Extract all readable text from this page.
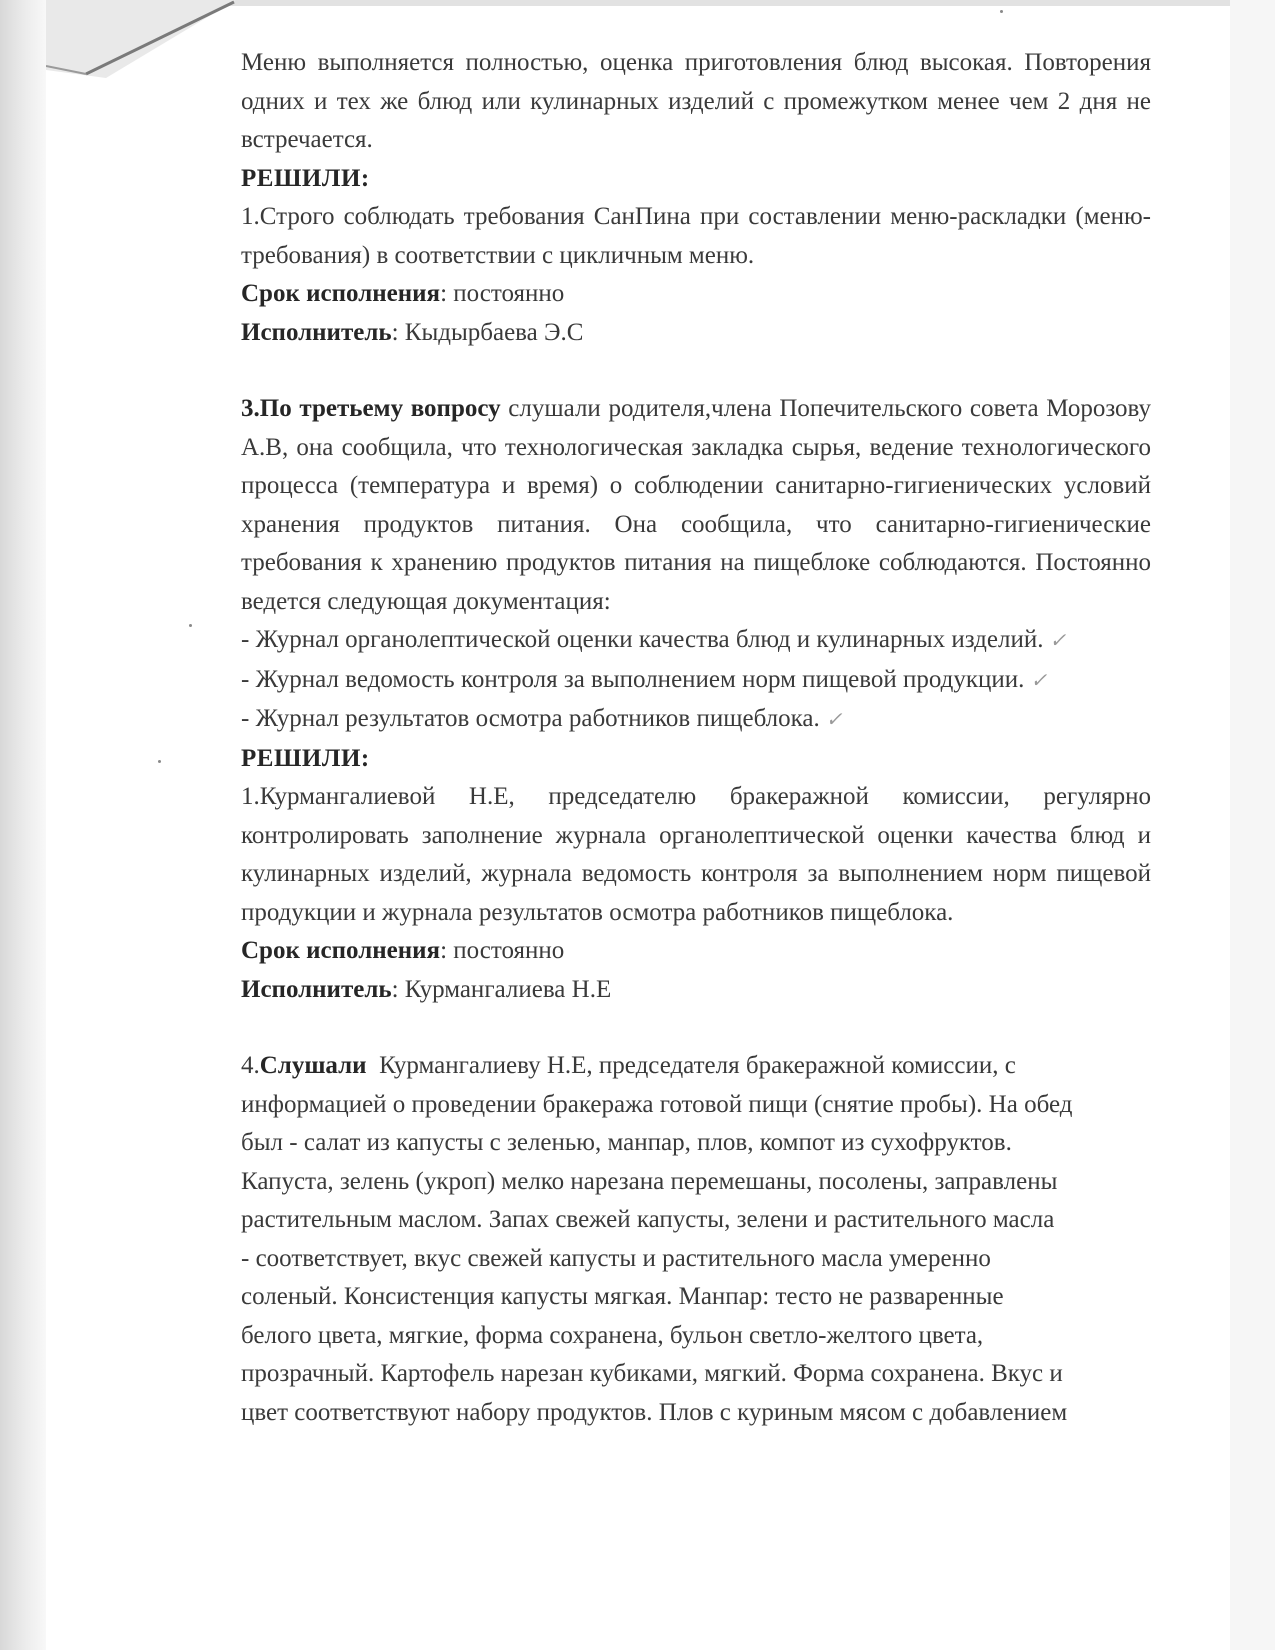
Меню выполняется полностью, оценка приготовления блюд высокая. Повторения одних и тех же блюд или кулинарных изделий с промежутком менее чем 2 дня не встречается.

РЕШИЛИ:

1.Строго соблюдать требования СанПина при составлении меню-раскладки (меню-требования) в соответствии с цикличным меню.

Срок исполнения: постоянно

Исполнитель: Кыдырбаева Э.С

3.По третьему вопросу слушали родителя,члена Попечительского совета Морозову А.В, она сообщила, что технологическая закладка сырья, ведение технологического процесса (температура и время) о соблюдении санитарно-гигиенических условий хранения продуктов питания. Она сообщила, что санитарно-гигиенические требования к хранению продуктов питания на пищеблоке соблюдаются. Постоянно ведется следующая документация:

- Журнал органолептической оценки качества блюд и кулинарных изделий. ✓

- Журнал ведомость контроля за выполнением норм пищевой продукции. ✓

- Журнал результатов осмотра работников пищеблока. ✓

РЕШИЛИ:

1.Курмангалиевой Н.Е, председателю бракеражной комиссии, регулярно контролировать заполнение журнала органолептической оценки качества блюд и кулинарных изделий, журнала ведомость контроля за выполнением норм пищевой продукции и журнала результатов осмотра работников пищеблока.

Срок исполнения: постоянно

Исполнитель: Курмангалиева Н.Е

4.Слушали Курмангалиеву Н.Е, председателя бракеражной комиссии, с

информацией о проведении бракеража готовой пищи (снятие пробы). На обед

был - салат из капусты с зеленью, манпар, плов, компот из сухофруктов.

Капуста, зелень (укроп) мелко нарезана перемешаны, посолены, заправлены

растительным маслом. Запах свежей капусты, зелени и растительного масла

- соответствует, вкус свежей капусты и растительного масла умеренно

соленый. Консистенция капусты мягкая. Манпар: тесто не разваренные

белого цвета, мягкие, форма сохранена, бульон светло-желтого цвета,

прозрачный. Картофель нарезан кубиками, мягкий. Форма сохранена. Вкус и

цвет соответствуют набору продуктов. Плов с куриным мясом с добавлением
